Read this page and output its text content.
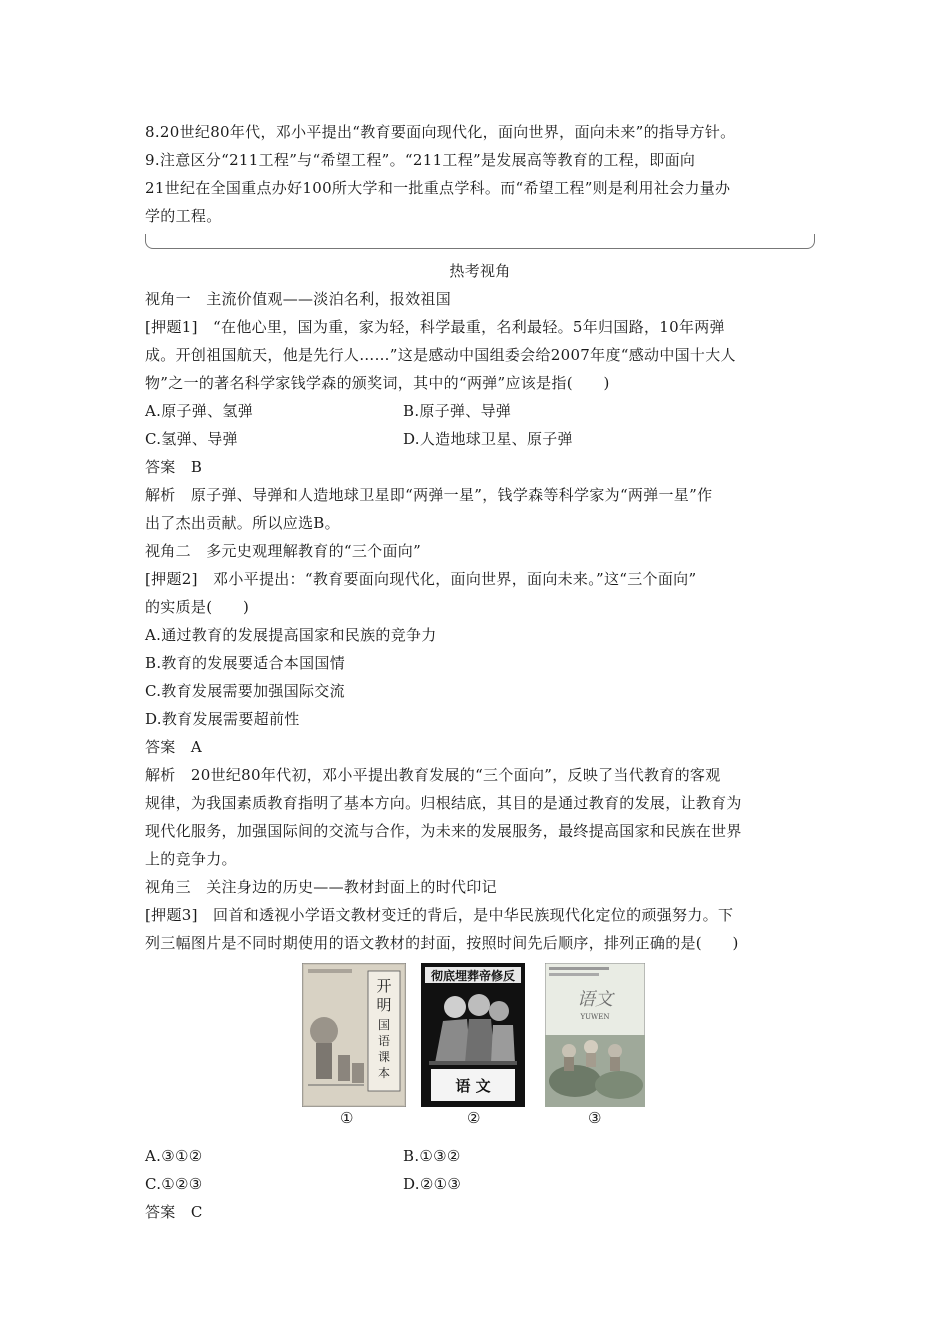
8.20世纪80年代，邓小平提出“教育要面向现代化，面向世界，面向未来”的指导方针。
9.注意区分“211工程”与“希望工程”。“211工程”是发展高等教育的工程，即面向
21世纪在全国重点办好100所大学和一批重点学科。而“希望工程”则是利用社会力量办
学的工程。
热考视角
视角一　主流价值观——淡泊名利，报效祖国
[押题1]　“在他心里，国为重，家为轻，科学最重，名利最轻。5年归国路，10年两弹
成。开创祖国航天，他是先行人……”这是感动中国组委会给2007年度“感动中国十大人
物”之一的著名科学家钱学森的颁奖词，其中的“两弹”应该是指(　　)
A.原子弹、氢弹	B.原子弹、导弹
C.氢弹、导弹	D.人造地球卫星、原子弹
答案　B
解析　原子弹、导弹和人造地球卫星即“两弹一星”，钱学森等科学家为“两弹一星”作
出了杰出贡献。所以应选B。
视角二　多元史观理解教育的“三个面向”
[押题2]　邓小平提出：“教育要面向现代化，面向世界，面向未来。”这“三个面向”
的实质是(　　)
A.通过教育的发展提高国家和民族的竞争力
B.教育的发展要适合本国国情
C.教育发展需要加强国际交流
D.教育发展需要超前性
答案　A
解析　20世纪80年代初，邓小平提出教育发展的“三个面向”，反映了当代教育的客观
规律，为我国素质教育指明了基本方向。归根结底，其目的是通过教育的发展，让教育为
现代化服务，加强国际间的交流与合作，为未来的发展服务，最终提高国家和民族在世界
上的竞争力。
视角三　关注身边的历史——教材封面上的时代印记
[押题3]　回首和透视小学语文教材变迁的背后，是中华民族现代化定位的顽强努力。下
列三幅图片是不同时期使用的语文教材的封面，按照时间先后顺序，排列正确的是(　　)
开
明
国
语
课
本
彻底埋葬帝修反
语 文
语文
YUWEN
①	②	③
A.③①②	B.①③②
C.①②③	D.②①③
答案　C
